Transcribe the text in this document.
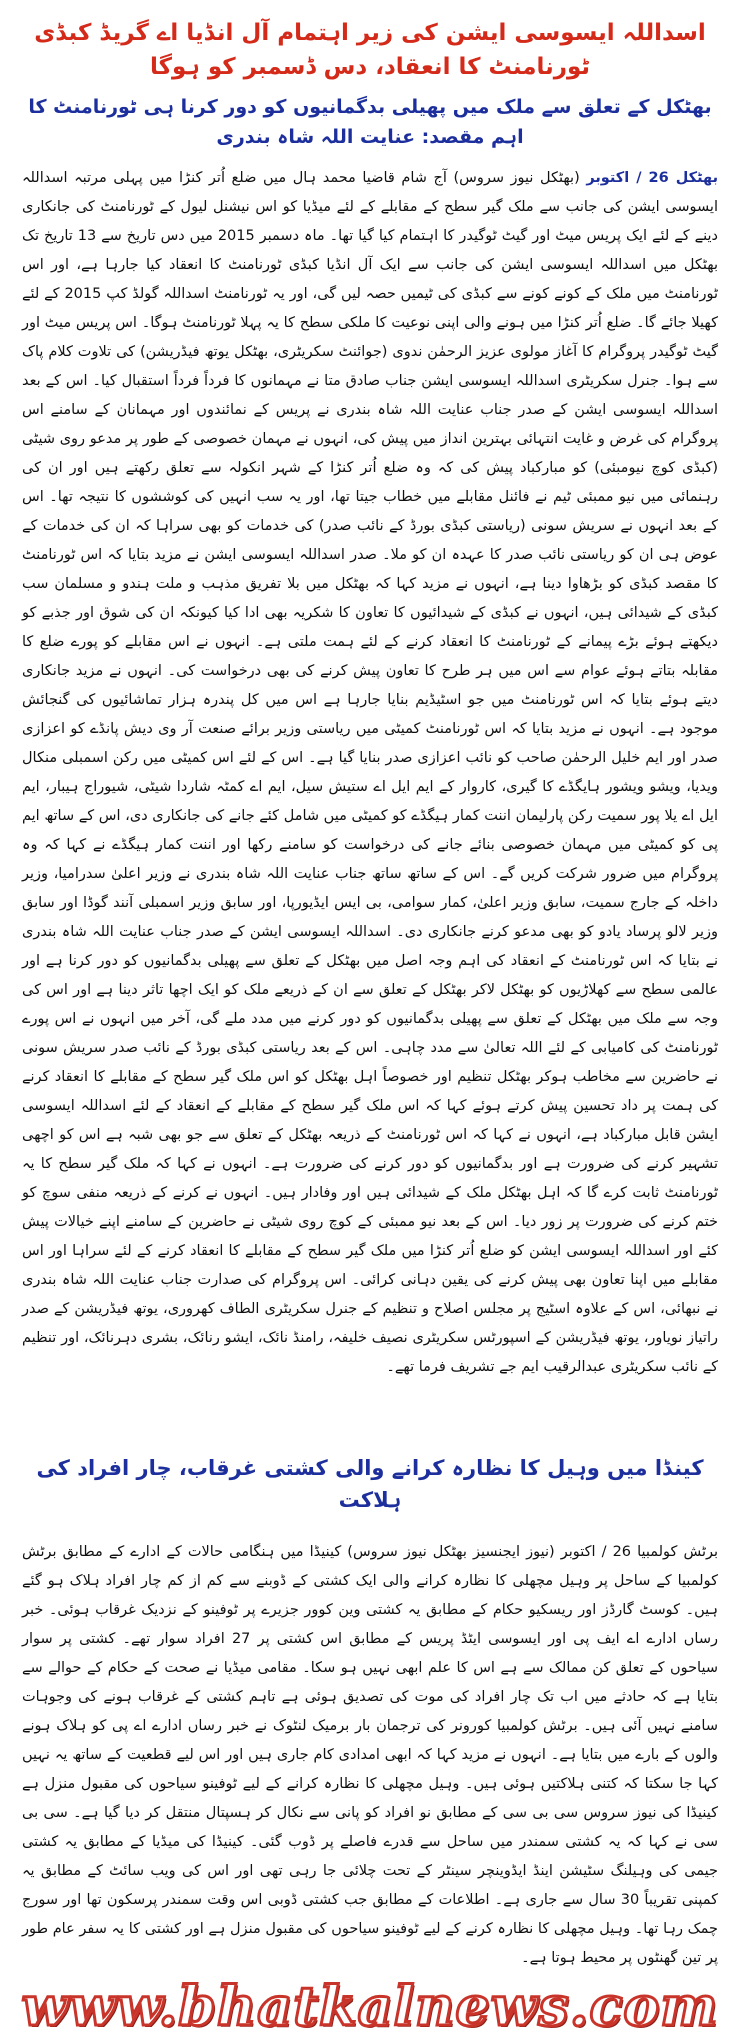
اسداللہ ایسوسی ایشن کی زیر اہتمام آل انڈیا اے گریڈ کبڈی ٹورنامنٹ کا انعقاد، دس ڈسمبر کو ہوگا
بھٹکل کے تعلق سے ملک میں پھیلی بدگمانیوں کو دور کرنا ہی ٹورنامنٹ کا اہم مقصد: عنایت اللہ شاہ بندری

بھٹکل 26 / اکتوبر (بھٹکل نیوز سروس) آج شام قاضیا محمد ہال میں ضلع اُتر کنڑا میں پہلی مرتبہ اسداللہ ایسوسی ایشن کی جانب سے ملک گیر سطح کے مقابلے کے لئے میڈیا کو اس نیشنل لیول کے ٹورنامنٹ کی جانکاری دینے کے لئے ایک پریس میٹ اور گیٹ ٹوگیدر کا اہتمام کیا گیا تھا۔ ماہ دسمبر 2015 میں دس تاریخ سے 13 تاریخ تک بھٹکل میں اسداللہ ایسوسی ایشن کی جانب سے ایک آل انڈیا کبڈی ٹورنامنٹ کا انعقاد کیا جارہا ہے، اور اس ٹورنامنٹ میں ملک کے کونے کونے سے کبڈی کی ٹیمیں حصہ لیں گی، اور یہ ٹورنامنٹ اسداللہ گولڈ کپ 2015 کے لئے کھیلا جائے گا۔ ضلع اُتر کنڑا میں ہونے والی اپنی نوعیت کا ملکی سطح کا یہ پہلا ٹورنامنٹ ہوگا۔ اس پریس میٹ اور گیٹ ٹوگیدر پروگرام کا آغاز مولوی عزیز الرحمٰن ندوی (جوائنٹ سکریٹری، بھٹکل یوتھ فیڈریشن) کی تلاوت کلام پاک سے ہوا۔ جنرل سکریٹری اسداللہ ایسوسی ایشن جناب صادق متا نے مہمانوں کا فرداً فرداً استقبال کیا۔ اس کے بعد اسداللہ ایسوسی ایشن کے صدر جناب عنایت اللہ شاہ بندری نے پریس کے نمائندوں اور مہمانان کے سامنے اس پروگرام کی غرض و غایت انتہائی بہترین انداز میں پیش کی، انہوں نے مہمان خصوصی کے طور پر مدعو روی شیٹی (کبڈی کوچ نیومبئی) کو مبارکباد پیش کی کہ وہ ضلع اُتر کنڑا کے شہر انکولہ سے تعلق رکھتے ہیں اور ان کی رہنمائی میں نیو ممبئی ٹیم نے فائنل مقابلے میں خطاب جیتا تھا، اور یہ سب انہیں کی کوششوں کا نتیجہ تھا۔ اس کے بعد انہوں نے سریش سونی (ریاستی کبڈی بورڈ کے نائب صدر) کی خدمات کو بھی سراہا کہ ان کی خدمات کے عوض ہی ان کو ریاستی نائب صدر کا عہدہ ان کو ملا۔ صدر اسداللہ ایسوسی ایشن نے مزید بتایا کہ اس ٹورنامنٹ کا مقصد کبڈی کو بڑھاوا دینا ہے، انہوں نے مزید کہا کہ بھٹکل میں بلا تفریق مذہب و ملت ہندو و مسلمان سب کبڈی کے شیدائی ہیں، انہوں نے کبڈی کے شیدائیوں کا تعاون کا شکریہ بھی ادا کیا کیونکہ ان کی شوق اور جذبے کو دیکھتے ہوئے بڑے پیمانے کے ٹورنامنٹ کا انعقاد کرنے کے لئے ہمت ملتی ہے۔ انہوں نے اس مقابلے کو پورے ضلع کا مقابلہ بتاتے ہوئے عوام سے اس میں ہر طرح کا تعاون پیش کرنے کی بھی درخواست کی۔ انہوں نے مزید جانکاری دیتے ہوئے بتایا کہ اس ٹورنامنٹ میں جو اسٹیڈیم بنایا جارہا ہے اس میں کل پندرہ ہزار تماشائیوں کی گنجائش موجود ہے۔ انہوں نے مزید بتایا کہ اس ٹورنامنٹ کمیٹی میں ریاستی وزیر برائے صنعت آر وی دیش پانڈے کو اعزازی صدر اور ایم خلیل الرحمٰن صاحب کو نائب اعزازی صدر بنایا گیا ہے۔ اس کے لئے اس کمیٹی میں رکن اسمبلی منکال ویدیا، ویشو ویشور ہایگڈے کا گیری، کاروار کے ایم ایل اے ستیش سیل، ایم اے کمٹہ شاردا شیٹی، شیوراج ہیبار، ایم ایل اے یلا پور سمیت رکن پارلیمان اننت کمار ہیگڈے کو کمیٹی میں شامل کئے جانے کی جانکاری دی، اس کے ساتھ ایم پی کو کمیٹی میں مہمان خصوصی بنائے جانے کی درخواست کو سامنے رکھا اور اننت کمار ہیگڈے نے کہا کہ وہ پروگرام میں ضرور شرکت کریں گے۔ اس کے ساتھ ساتھ جناب عنایت اللہ شاہ بندری نے وزیر اعلیٰ سدرامیا، وزیر داخلہ کے جارج سمیت، سابق وزیر اعلیٰ، کمار سوامی، بی ایس ایڈیورپا، اور سابق وزیر اسمبلی آنند گوڈا اور سابق وزیر لالو پرساد یادو کو بھی مدعو کرنے جانکاری دی۔ اسداللہ ایسوسی ایشن کے صدر جناب عنایت اللہ شاہ بندری نے بتایا کہ اس ٹورنامنٹ کے انعقاد کی اہم وجہ اصل میں بھٹکل کے تعلق سے پھیلی بدگمانیوں کو دور کرنا ہے اور عالمی سطح سے کھلاڑیوں کو بھٹکل لاکر بھٹکل کے تعلق سے ان کے ذریعے ملک کو ایک اچھا تاثر دینا ہے اور اس کی وجہ سے ملک میں بھٹکل کے تعلق سے پھیلی بدگمانیوں کو دور کرنے میں مدد ملے گی، آخر میں انہوں نے اس پورے ٹورنامنٹ کی کامیابی کے لئے اللہ تعالیٰ سے مدد چاہی۔ اس کے بعد ریاستی کبڈی بورڈ کے نائب صدر سریش سونی نے حاضرین سے مخاطب ہوکر بھٹکل تنظیم اور خصوصاً اہل بھٹکل کو اس ملک گیر سطح کے مقابلے کا انعقاد کرنے کی ہمت پر داد تحسین پیش کرتے ہوئے کہا کہ اس ملک گیر سطح کے مقابلے کے انعقاد کے لئے اسداللہ ایسوسی ایشن قابل مبارکباد ہے، انہوں نے کہا کہ اس ٹورنامنٹ کے ذریعہ بھٹکل کے تعلق سے جو بھی شبہ ہے اس کو اچھی تشہیر کرنے کی ضرورت ہے اور بدگمانیوں کو دور کرنے کی ضرورت ہے۔ انہوں نے کہا کہ ملک گیر سطح کا یہ ٹورنامنٹ ثابت کرے گا کہ اہل بھٹکل ملک کے شیدائی ہیں اور وفادار ہیں۔ انہوں نے کرنے کے ذریعہ منفی سوچ کو ختم کرنے کی ضرورت پر زور دیا۔ اس کے بعد نیو ممبئی کے کوچ روی شیٹی نے حاضرین کے سامنے اپنے خیالات پیش کئے اور اسداللہ ایسوسی ایشن کو ضلع اُتر کنڑا میں ملک گیر سطح کے مقابلے کا انعقاد کرنے کے لئے سراہا اور اس مقابلے میں اپنا تعاون بھی پیش کرنے کی یقین دہانی کرائی۔ اس پروگرام کی صدارت جناب عنایت اللہ شاہ بندری نے نبھائی، اس کے علاوہ اسٹیج پر مجلس اصلاح و تنظیم کے جنرل سکریٹری الطاف کھروری، یوتھ فیڈریشن کے صدر راتیاز نویاور، یوتھ فیڈریشن کے اسپورٹس سکریٹری نصیف خلیفہ، رامنڈ نائک، ایشو رنائک، بشری دہرنائک، اور تنظیم کے نائب سکریٹری عبدالرقیب ایم جے تشریف فرما تھے۔

کینڈا میں وہیل کا نظارہ کرانے والی کشتی غرقاب، چار افراد کی ہلاکت

برٹش کولمبیا 26 / اکتوبر (نیوز ایجنسیز بھٹکل نیوز سروس) کینیڈا میں ہنگامی حالات کے ادارے کے مطابق برٹش کولمبیا کے ساحل پر وہیل مچھلی کا نظارہ کرانے والی ایک کشتی کے ڈوبنے سے کم از کم چار افراد ہلاک ہو گئے ہیں۔ کوسٹ گارڈز اور ریسکیو حکام کے مطابق یہ کشتی وین کوور جزیرے پر ٹوفینو کے نزدیک غرقاب ہوئی۔ خبر رساں ادارے اے ایف پی اور ایسوسی ایٹڈ پریس کے مطابق اس کشتی پر 27 افراد سوار تھے۔ کشتی پر سوار سیاحوں کے تعلق کن ممالک سے ہے اس کا علم ابھی نہیں ہو سکا۔ مقامی میڈیا نے صحت کے حکام کے حوالے سے بتایا ہے کہ حادثے میں اب تک چار افراد کی موت کی تصدیق ہوئی ہے تاہم کشتی کے غرقاب ہونے کی وجوہات سامنے نہیں آئی ہیں۔ برٹش کولمبیا کورونر کی ترجمان بار برمیک لنٹوک نے خبر رساں ادارے اے پی کو ہلاک ہونے والوں کے بارے میں بتایا ہے۔ انہوں نے مزید کہا کہ ابھی امدادی کام جاری ہیں اور اس لیے قطعیت کے ساتھ یہ نہیں کہا جا سکتا کہ کتنی ہلاکتیں ہوئی ہیں۔ وہیل مچھلی کا نظارہ کرانے کے لیے ٹوفینو سیاحوں کی مقبول منزل ہے کینیڈا کی نیوز سروس سی بی سی کے مطابق نو افراد کو پانی سے نکال کر ہسپتال منتقل کر دیا گیا ہے۔ سی بی سی نے کہا کہ یہ کشتی سمندر میں ساحل سے قدرے فاصلے پر ڈوب گئی۔ کینیڈا کی میڈیا کے مطابق یہ کشتی جیمی کی وہیلنگ سٹیشن اینڈ ایڈوینچر سینٹر کے تحت چلائی جا رہی تھی اور اس کی ویب سائٹ کے مطابق یہ کمپنی تقریباً 30 سال سے جاری ہے۔ اطلاعات کے مطابق جب کشتی ڈوبی اس وقت سمندر پرسکون تھا اور سورج چمک رہا تھا۔ وہیل مچھلی کا نظارہ کرنے کے لیے ٹوفینو سیاحوں کی مقبول منزل ہے اور کشتی کا یہ سفر عام طور پر تین گھنٹوں پر محیط ہوتا ہے۔

www.bhatkalnews.com
